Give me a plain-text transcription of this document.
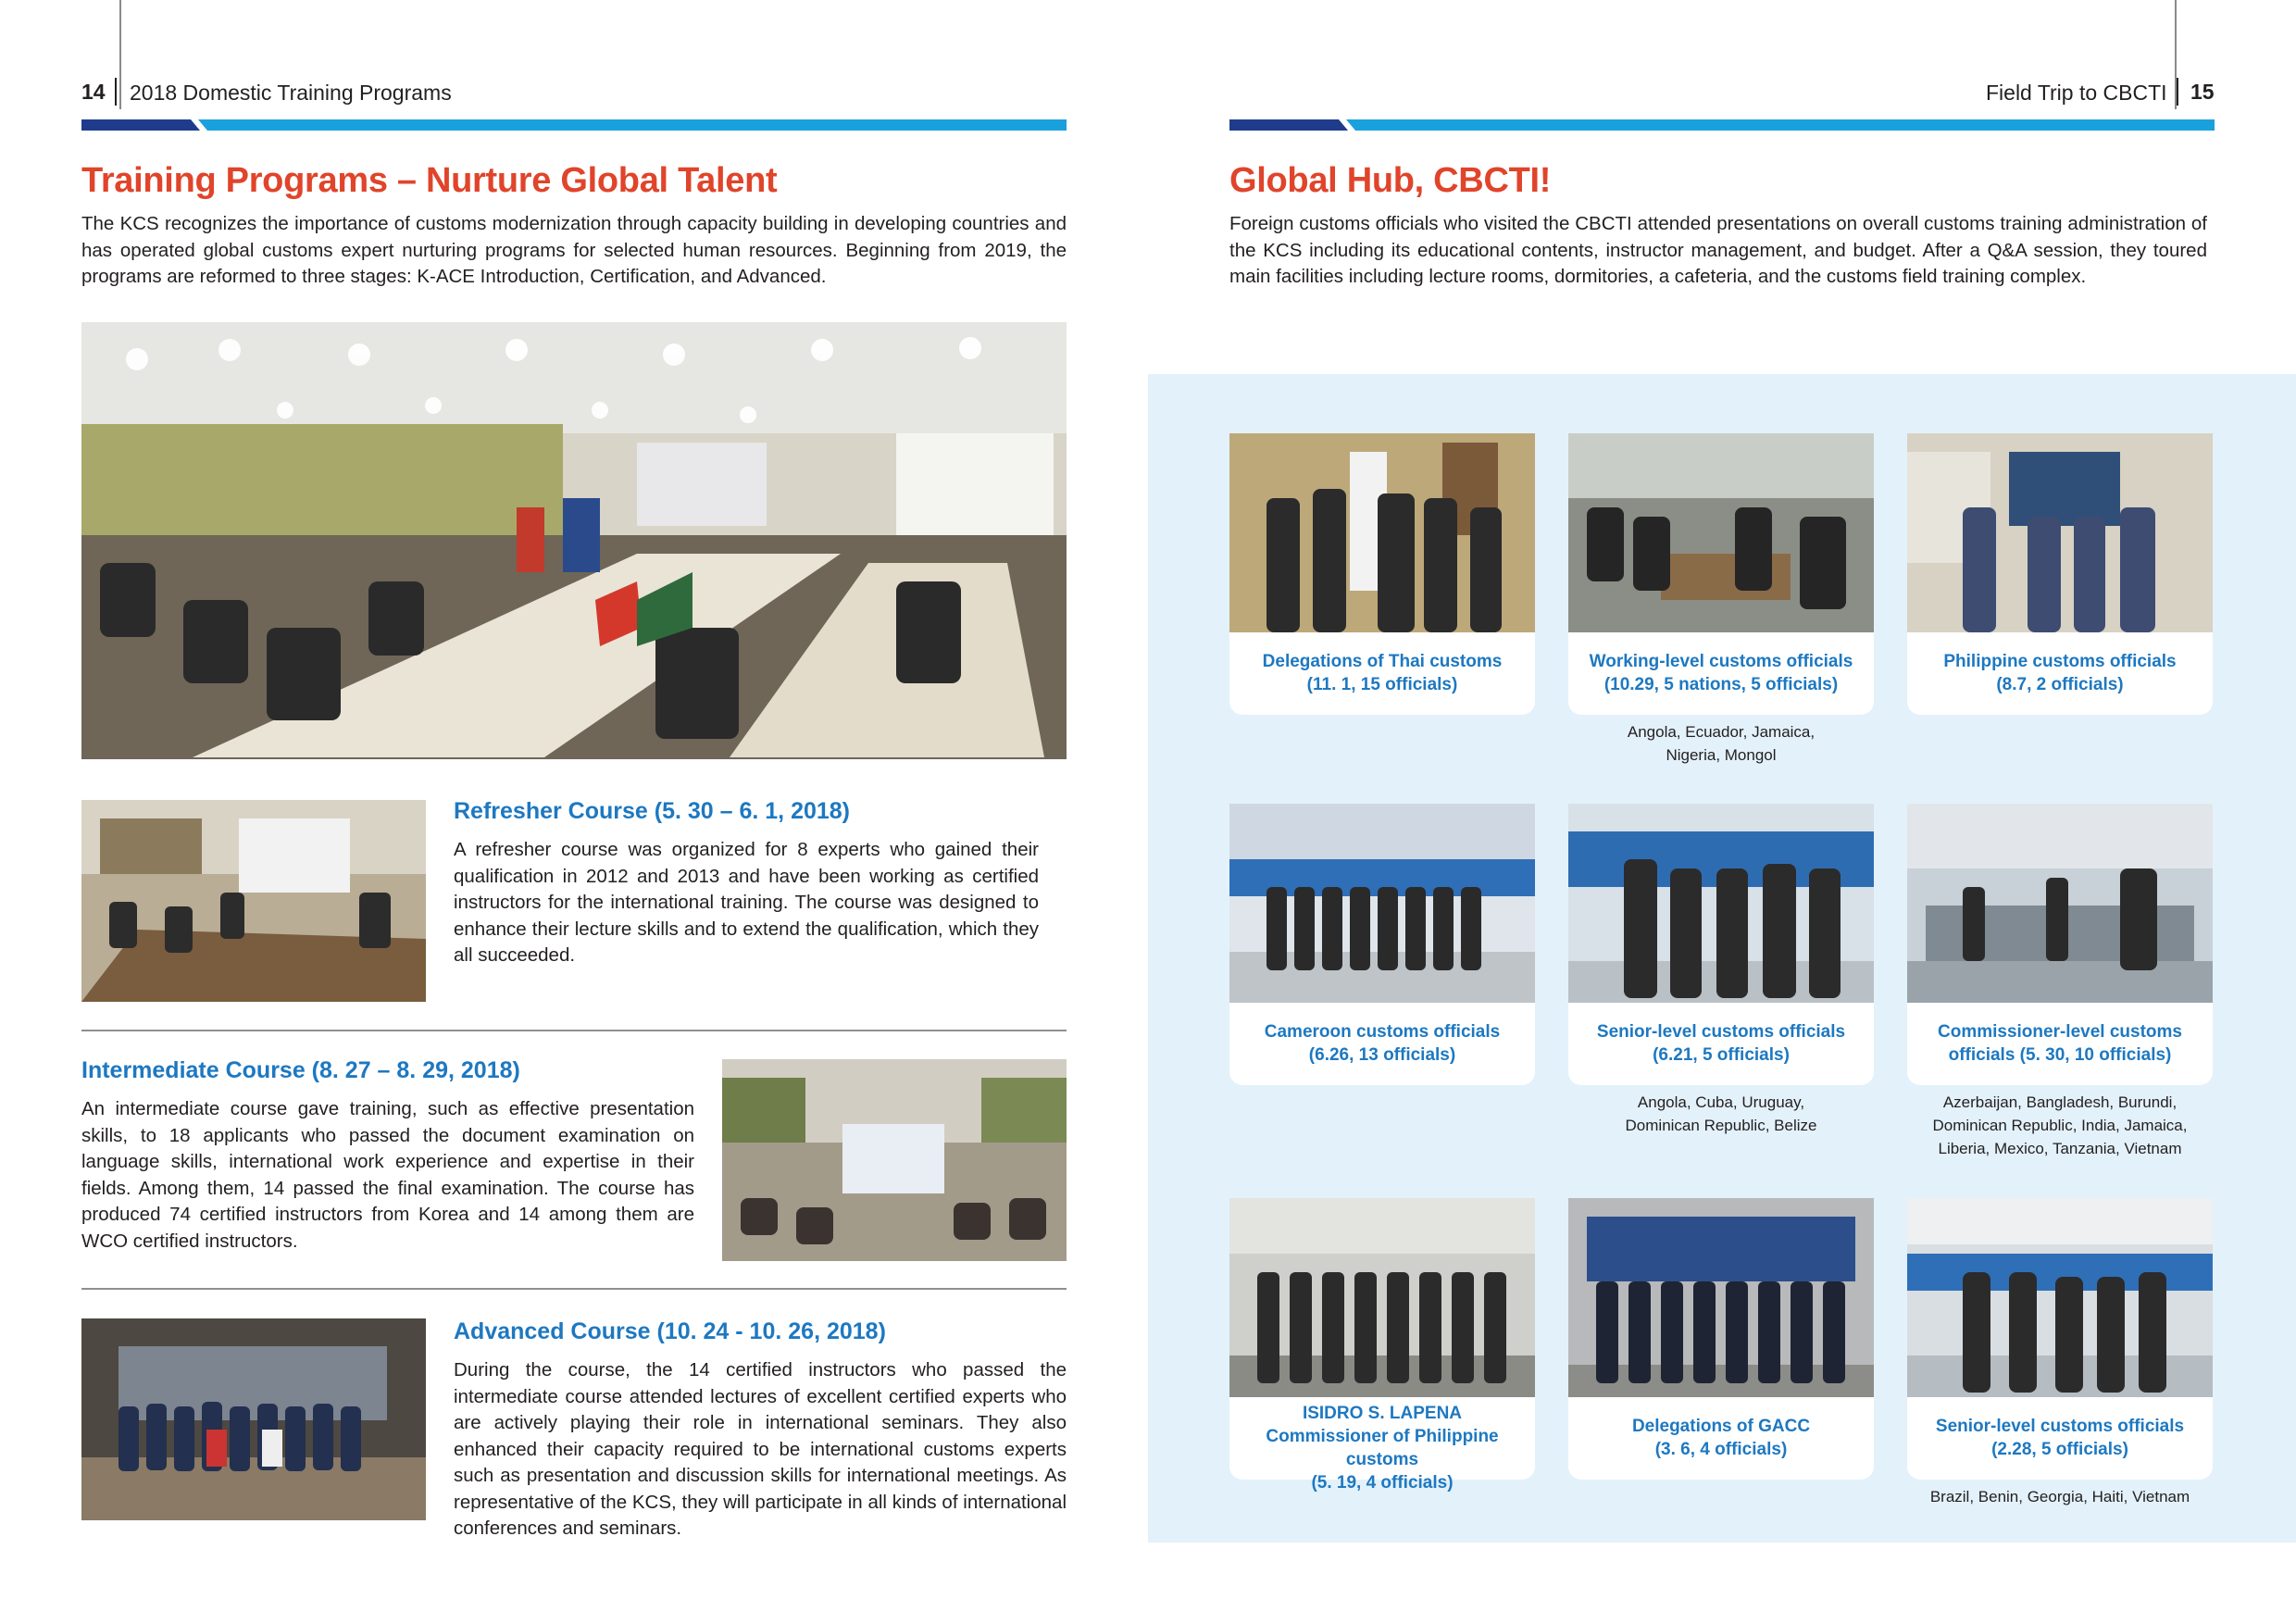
14 2018 Domestic Training Programs
Training Programs – Nurture Global Talent

The KCS recognizes the importance of customs modernization through capacity building in developing countries and has operated global customs expert nurturing programs for selected human resources. Beginning from 2019, the programs are reformed to three stages: K-ACE Introduction, Certification, and Advanced.

Refresher Course (5. 30 – 6. 1, 2018)

A refresher course was organized for 8 experts who gained their qualification in 2012 and 2013 and have been working as certified instructors for the international training. The course was designed to enhance their lecture skills and to extend the qualification, which they all succeeded.

Intermediate Course (8. 27 – 8. 29, 2018)

An intermediate course gave training, such as effective presentation skills, to 18 applicants who passed the document examination on language skills, international work experience and expertise in their fields. Among them, 14 passed the final examination. The course has produced 74 certified instructors from Korea and 14 among them are WCO certified instructors.

Advanced Course (10. 24 - 10. 26, 2018)

During the course, the 14 certified instructors who passed the intermediate course attended lectures of excellent certified experts who are actively playing their role in international seminars. They also enhanced their capacity required to be international customs experts such as presentation and discussion skills for international meetings. As representative of the KCS, they will participate in all kinds of international conferences and seminars.

Field Trip to CBCTI 15
Global Hub, CBCTI!

Foreign customs officials who visited the CBCTI attended presentations on overall customs training administration of the KCS including its educational contents, instructor management, and budget. After a Q&A session, they toured main facilities including lecture rooms, dormitories, a cafeteria, and the customs field training complex.

Delegations of Thai customs
(11. 1, 15 officials)
Working-level customs officials
(10.29, 5 nations, 5 officials)
Angola, Ecuador, Jamaica,
Nigeria, Mongol
Philippine customs officials
(8.7, 2 officials)
Cameroon customs officials
(6.26, 13 officials)
Senior-level customs officials
(6.21, 5 officials)
Angola, Cuba, Uruguay,
Dominican Republic, Belize
Commissioner-level customs
officials (5. 30, 10 officials)
Azerbaijan, Bangladesh, Burundi,
Dominican Republic, India, Jamaica,
Liberia, Mexico, Tanzania, Vietnam
ISIDRO S. LAPENA
Commissioner of Philippine customs
(5. 19, 4 officials)
Delegations of GACC
(3. 6, 4 officials)
Senior-level customs officials
(2.28, 5 officials)
Brazil, Benin, Georgia, Haiti, Vietnam
